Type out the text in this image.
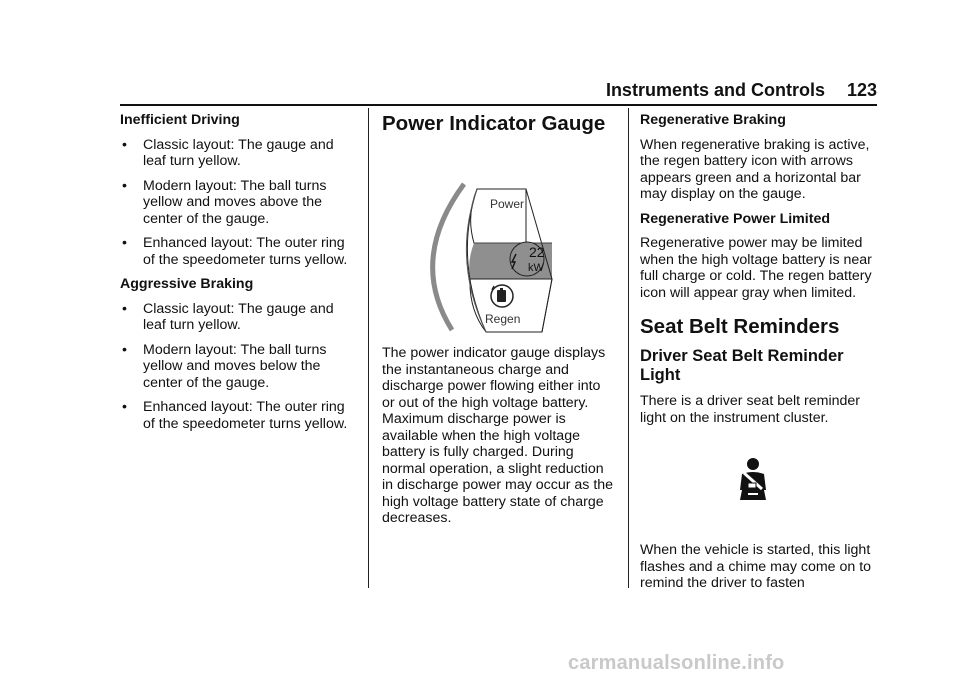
Instruments and Controls 123
Inefficient Driving
• Classic layout: The gauge and leaf turn yellow.
• Modern layout: The ball turns yellow and moves above the center of the gauge.
• Enhanced layout: The outer ring of the speedometer turns yellow.
Aggressive Braking
• Classic layout: The gauge and leaf turn yellow.
• Modern layout: The ball turns yellow and moves below the center of the gauge.
• Enhanced layout: The outer ring of the speedometer turns yellow.
Power Indicator Gauge
Power
22
kW
Regen

The power indicator gauge displays the instantaneous charge and discharge power flowing either into or out of the high voltage battery. Maximum discharge power is available when the high voltage battery is fully charged. During normal operation, a slight reduction in discharge power may occur as the high voltage battery state of charge decreases.

Regenerative Braking

When regenerative braking is active, the regen battery icon with arrows appears green and a horizontal bar may display on the gauge.

Regenerative Power Limited

Regenerative power may be limited when the high voltage battery is near full charge or cold. The regen battery icon will appear gray when limited.

Seat Belt Reminders
Driver Seat Belt Reminder Light

There is a driver seat belt reminder light on the instrument cluster.

When the vehicle is started, this light flashes and a chime may come on to remind the driver to fasten

carmanualsonline.info
